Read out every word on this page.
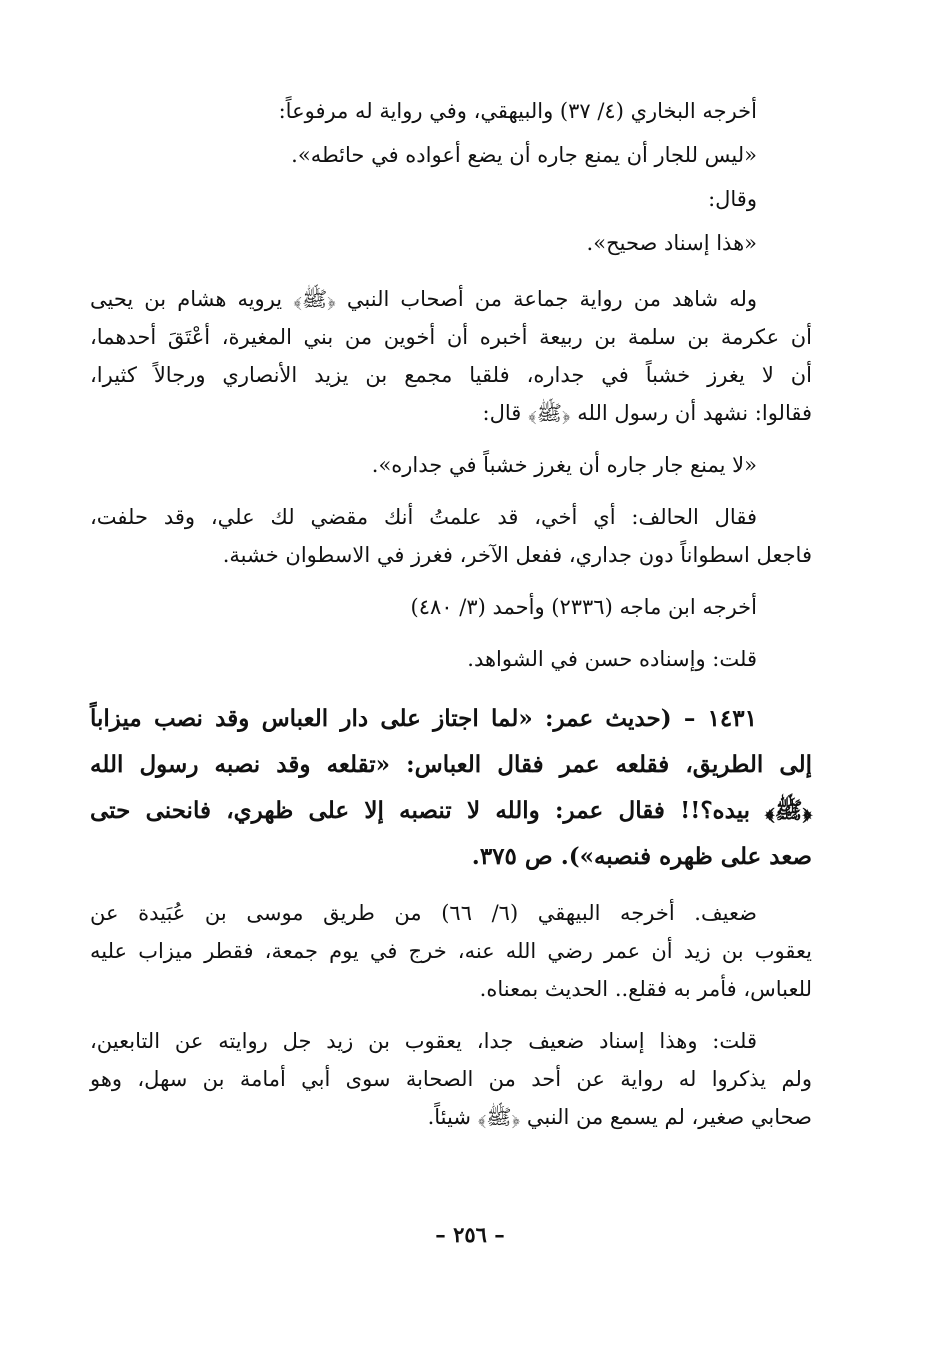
أخرجه البخاري (٤/ ٣٧) والبيهقي، وفي رواية له مرفوعاً:
«ليس للجار أن يمنع جاره أن يضع أعواده في حائطه».
وقال:
«هذا إسناد صحيح».
وله شاهد من رواية جماعة من أصحاب النبي ﴿ﷺ﴾ يرويه هشام بن يحيى
أن عكرمة بن سلمة بن ربيعة أخبره أن أخوين من بني المغيرة، أعْتَقَ أحدهما،
أن لا يغرز خشباً في جداره، فلقيا مجمع بن يزيد الأنصاري ورجالاً كثيرا،
فقالوا: نشهد أن رسول الله ﴿ﷺ﴾ قال:
«لا يمنع جار جاره أن يغرز خشباً في جداره».
فقال الحالف: أي أخي، قد علمتُ أنك مقضي لك علي، وقد حلفت،
فاجعل اسطواناً دون جداري، ففعل الآخر، فغرز في الاسطوان خشبة.
أخرجه ابن ماجه (٢٣٣٦) وأحمد (٣/ ٤٨٠)
قلت: وإسناده حسن في الشواهد.
١٤٣١ – (حديث عمر: «لما اجتاز على دار العباس وقد نصب ميزاباً
إلى الطريق، فقلعه عمر فقال العباس: «تقلعه وقد نصبه رسول الله
﴿ﷺ﴾ بيده؟!! فقال عمر: والله لا تنصبه إلا على ظهري، فانحنى حتى
صعد على ظهره فنصبه»). ص ٣٧٥.
ضعيف. أخرجه البيهقي (٦/ ٦٦) من طريق موسى بن عُبَيدة عن
يعقوب بن زيد أن عمر رضي الله عنه، خرج في يوم جمعة، فقطر ميزاب عليه
للعباس، فأمر به فقلع.. الحديث بمعناه.
قلت: وهذا إسناد ضعيف جدا، يعقوب بن زيد جل روايته عن التابعين،
ولم يذكروا له رواية عن أحد من الصحابة سوى أبي أمامة بن سهل، وهو
صحابي صغير، لم يسمع من النبي ﴿ﷺ﴾ شيئاً.
– ٢٥٦ –
